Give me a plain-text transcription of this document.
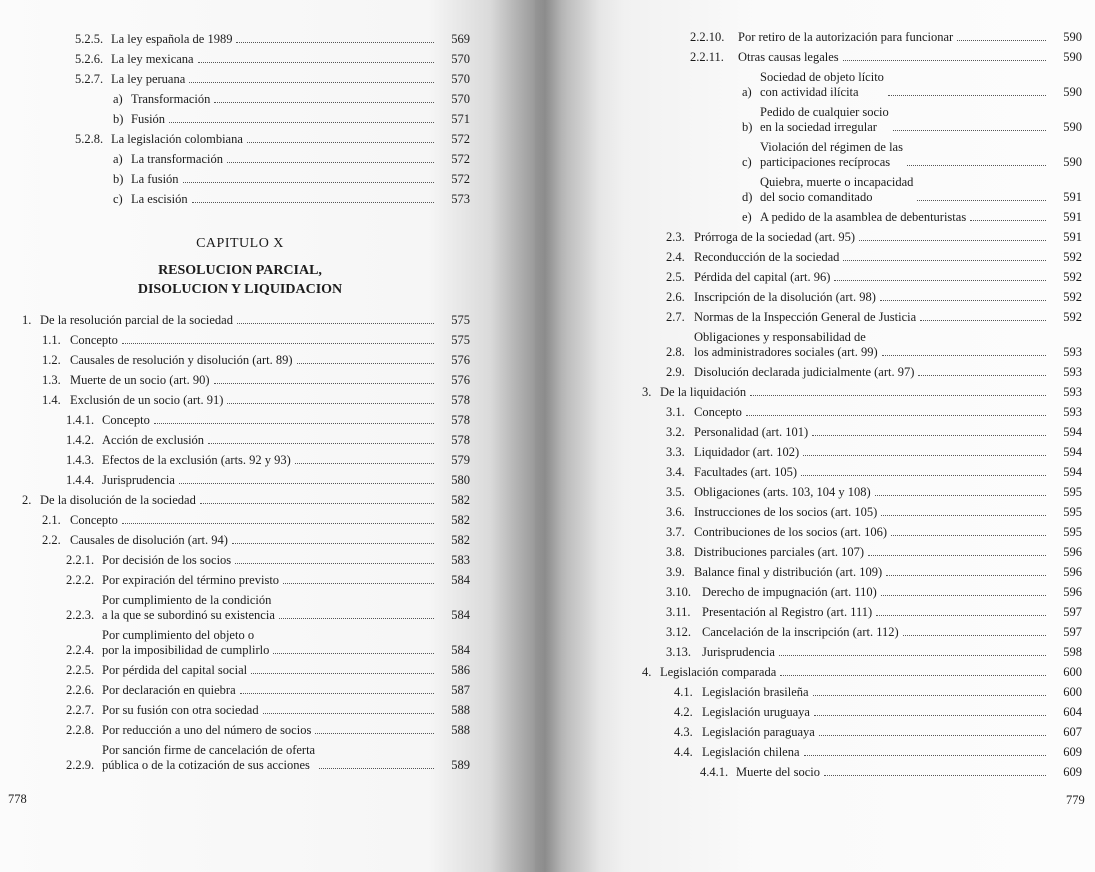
5.2.5. La ley española de 1989	569
5.2.6. La ley mexicana	570
5.2.7. La ley peruana	570
a) Transformación	570
b) Fusión	571
5.2.8. La legislación colombiana	572
a) La transformación	572
b) La fusión	572
c) La escisión	573
CAPITULO X
RESOLUCION PARCIAL,
DISOLUCION Y LIQUIDACION
1. De la resolución parcial de la sociedad	575
1.1. Concepto	575
1.2. Causales de resolución y disolución (art. 89)	576
1.3. Muerte de un socio (art. 90)	576
1.4. Exclusión de un socio (art. 91)	578
1.4.1. Concepto	578
1.4.2. Acción de exclusión	578
1.4.3. Efectos de la exclusión (arts. 92 y 93)	579
1.4.4. Jurisprudencia	580
2. De la disolución de la sociedad	582
2.1. Concepto	582
2.2. Causales de disolución (art. 94)	582
2.2.1. Por decisión de los socios	583
2.2.2. Por expiración del término previsto	584
2.2.3.
Por cumplimiento de la condición
a la que se subordinó su existencia	584
2.2.4.
Por cumplimiento del objeto o
por la imposibilidad de cumplirlo	584
2.2.5. Por pérdida del capital social	586
2.2.6. Por declaración en quiebra	587
2.2.7. Por su fusión con otra sociedad	588
2.2.8. Por reducción a uno del número de socios	588
2.2.9.
Por sanción firme de cancelación de oferta
pública o de la cotización de sus acciones	589
2.2.10.	Por retiro de la autorización para funcionar	590
2.2.11.	Otras causas legales	590
a)
Sociedad de objeto lícito
con actividad ilícita	590
b)
Pedido de cualquier socio
en la sociedad irregular	590
c)
Violación del régimen de las
participaciones recíprocas	590
d)
Quiebra, muerte o incapacidad
del socio comanditado	591
e) A pedido de la asamblea de debenturistas	591
2.3. Prórroga de la sociedad (art. 95)	591
2.4. Reconducción de la sociedad	592
2.5. Pérdida del capital (art. 96)	592
2.6. Inscripción de la disolución (art. 98)	592
2.7. Normas de la Inspección General de Justicia	592
2.8.
Obligaciones y responsabilidad de
los administradores sociales (art. 99)	593
2.9. Disolución declarada judicialmente (art. 97)	593
3. De la liquidación	593
3.1. Concepto	593
3.2. Personalidad (art. 101)	594
3.3. Liquidador (art. 102)	594
3.4. Facultades (art. 105)	594
3.5. Obligaciones (arts. 103, 104 y 108)	595
3.6. Instrucciones de los socios (art. 105)	595
3.7. Contribuciones de los socios (art. 106)	595
3.8. Distribuciones parciales (art. 107)	596
3.9. Balance final y distribución (art. 109)	596
3.10. Derecho de impugnación (art. 110)	596
3.11. Presentación al Registro (art. 111)	597
3.12. Cancelación de la inscripción (art. 112)	597
3.13. Jurisprudencia	598
4. Legislación comparada	600
4.1. Legislación brasileña	600
4.2. Legislación uruguaya	604
4.3. Legislación paraguaya	607
4.4. Legislación chilena	609
4.4.1. Muerte del socio	609
778	779
